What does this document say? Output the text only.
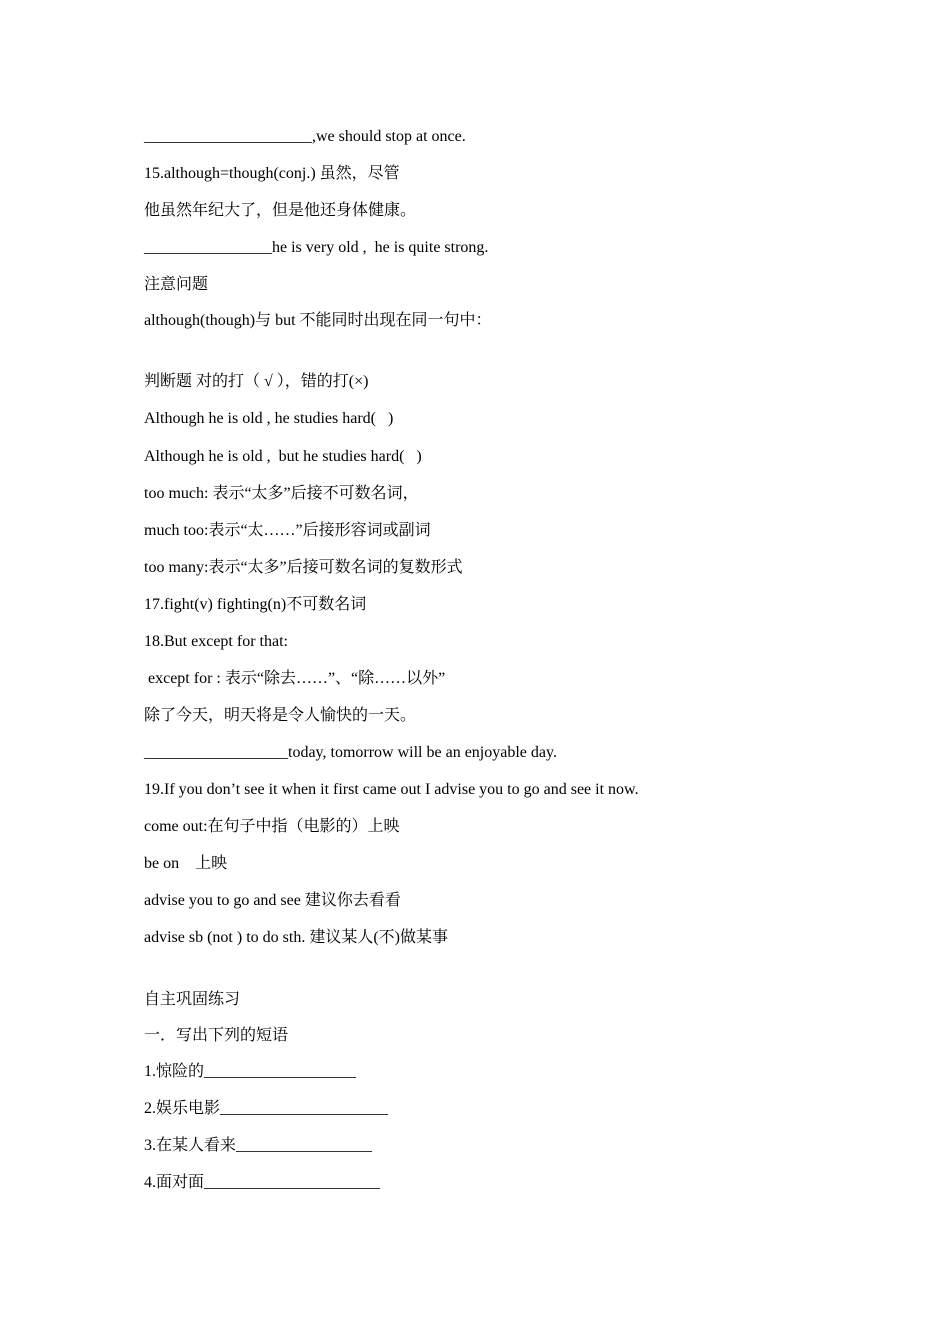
_____________________,we should stop at once.
15.although=though(conj.) 虽然，尽管
他虽然年纪大了，但是他还身体健康。
________________he is very old ,  he is quite strong.
注意问题
although(though)与 but 不能同时出现在同一句中：
判断题 对的打（ √ ），错的打(×)
Although he is old , he studies hard(   )
Although he is old ,  but he studies hard(   )
too much: 表示“太多”后接不可数名词，
much too:表示“太……”后接形容词或副词
too many:表示“太多”后接可数名词的复数形式
17.fight(v) fighting(n)不可数名词
18.But except for that:
except for : 表示“除去……”、“除……以外”
除了今天，明天将是令人愉快的一天。
__________________today, tomorrow will be an enjoyable day.
19.If you don’t see it when it first came out I advise you to go and see it now.
come out:在句子中指（电影的）上映
be on    上映
advise you to go and see 建议你去看看
advise sb (not ) to do sth. 建议某人(不)做某事
自主巩固练习
一．写出下列的短语
1.惊险的___________________
2.娱乐电影_____________________
3.在某人看来_________________
4.面对面______________________
